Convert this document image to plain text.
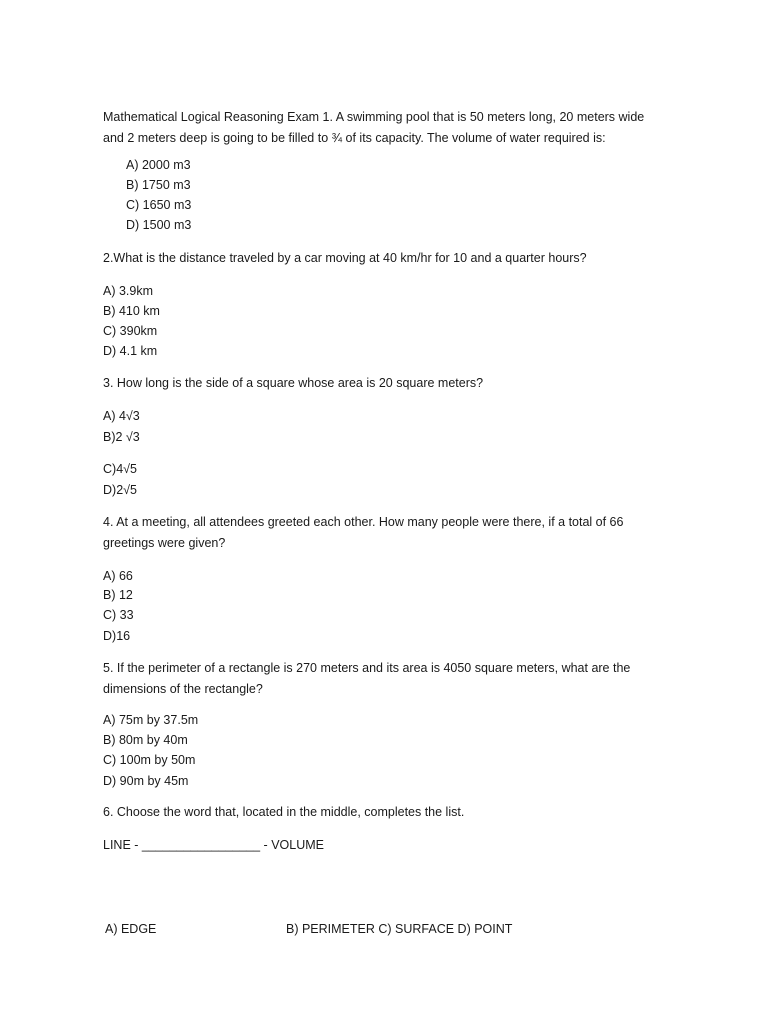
Mathematical Logical Reasoning Exam 1. A swimming pool that is 50 meters long, 20 meters wide
and 2 meters deep is going to be filled to ¾ of its capacity. The volume of water required is:
A) 2000 m3
B) 1750 m3
C) 1650 m3
D) 1500 m3
2.What is the distance traveled by a car moving at 40 km/hr for 10 and a quarter hours?
A) 3.9km
B) 410 km
C) 390km
D) 4.1 km
3. How long is the side of a square whose area is 20 square meters?
A) 4√3
B)2 √3
C)4√5
D)2√5
4. At a meeting, all attendees greeted each other. How many people were there, if a total of 66
greetings were given?
A) 66
B) 12
C) 33
D)16
5. If the perimeter of a rectangle is 270 meters and its area is 4050 square meters, what are the
dimensions of the rectangle?
A) 75m by 37.5m
B) 80m by 40m
C) 100m by 50m
D) 90m by 45m
6. Choose the word that, located in the middle, completes the list.
LINE - _________________ - VOLUME
A) EDGE	B) PERIMETER C) SURFACE D) POINT
